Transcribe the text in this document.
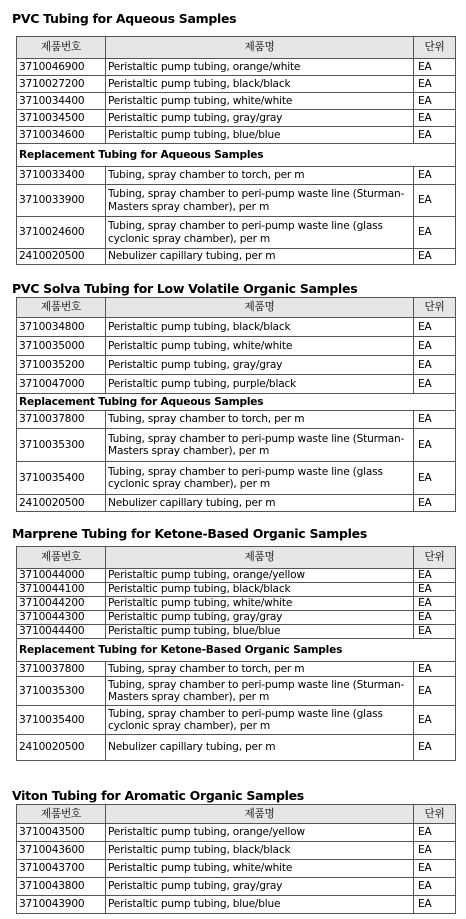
PVC Tubing for Aqueous Samples
제품번호	제품명	단위
3710046900	Peristaltic pump tubing, orange/white	EA
3710027200	Peristaltic pump tubing, black/black	EA
3710034400	Peristaltic pump tubing, white/white	EA
3710034500	Peristaltic pump tubing, gray/gray	EA
3710034600	Peristaltic pump tubing, blue/blue	EA
Replacement Tubing for Aqueous Samples		
3710033400	Tubing, spray chamber to torch, per m	EA
3710033900	Tubing, spray chamber to peri-pump waste line (Sturman-Masters spray chamber), per m	EA
3710024600	Tubing, spray chamber to peri-pump waste line (glass cyclonic spray chamber), per m	EA
2410020500	Nebulizer capillary tubing, per m	EA
PVC Solva Tubing for Low Volatile Organic Samples
제품번호	제품명	단위
3710034800	Peristaltic pump tubing, black/black	EA
3710035000	Peristaltic pump tubing, white/white	EA
3710035200	Peristaltic pump tubing, gray/gray	EA
3710047000	Peristaltic pump tubing, purple/black	EA
Replacement Tubing for Aqueous Samples		
3710037800	Tubing, spray chamber to torch, per m	EA
3710035300	Tubing, spray chamber to peri-pump waste line (Sturman-Masters spray chamber), per m	EA
3710035400	Tubing, spray chamber to peri-pump waste line (glass cyclonic spray chamber), per m	EA
2410020500	Nebulizer capillary tubing, per m	EA
Marprene Tubing for Ketone-Based Organic Samples
제품번호	제품명	단위
3710044000	Peristaltic pump tubing, orange/yellow	EA
3710044100	Peristaltic pump tubing, black/black	EA
3710044200	Peristaltic pump tubing, white/white	EA
3710044300	Peristaltic pump tubing, gray/gray	EA
3710044400	Peristaltic pump tubing, blue/blue	EA
Replacement Tubing for Ketone-Based Organic Samples		
3710037800	Tubing, spray chamber to torch, per m	EA
3710035300	Tubing, spray chamber to peri-pump waste line (Sturman-Masters spray chamber), per m	EA
3710035400	Tubing, spray chamber to peri-pump waste line (glass cyclonic spray chamber), per m	EA
2410020500	Nebulizer capillary tubing, per m	EA
Viton Tubing for Aromatic Organic Samples
제품번호	제품명	단위
3710043500	Peristaltic pump tubing, orange/yellow	EA
3710043600	Peristaltic pump tubing, black/black	EA
3710043700	Peristaltic pump tubing, white/white	EA
3710043800	Peristaltic pump tubing, gray/gray	EA
3710043900	Peristaltic pump tubing, blue/blue	EA
